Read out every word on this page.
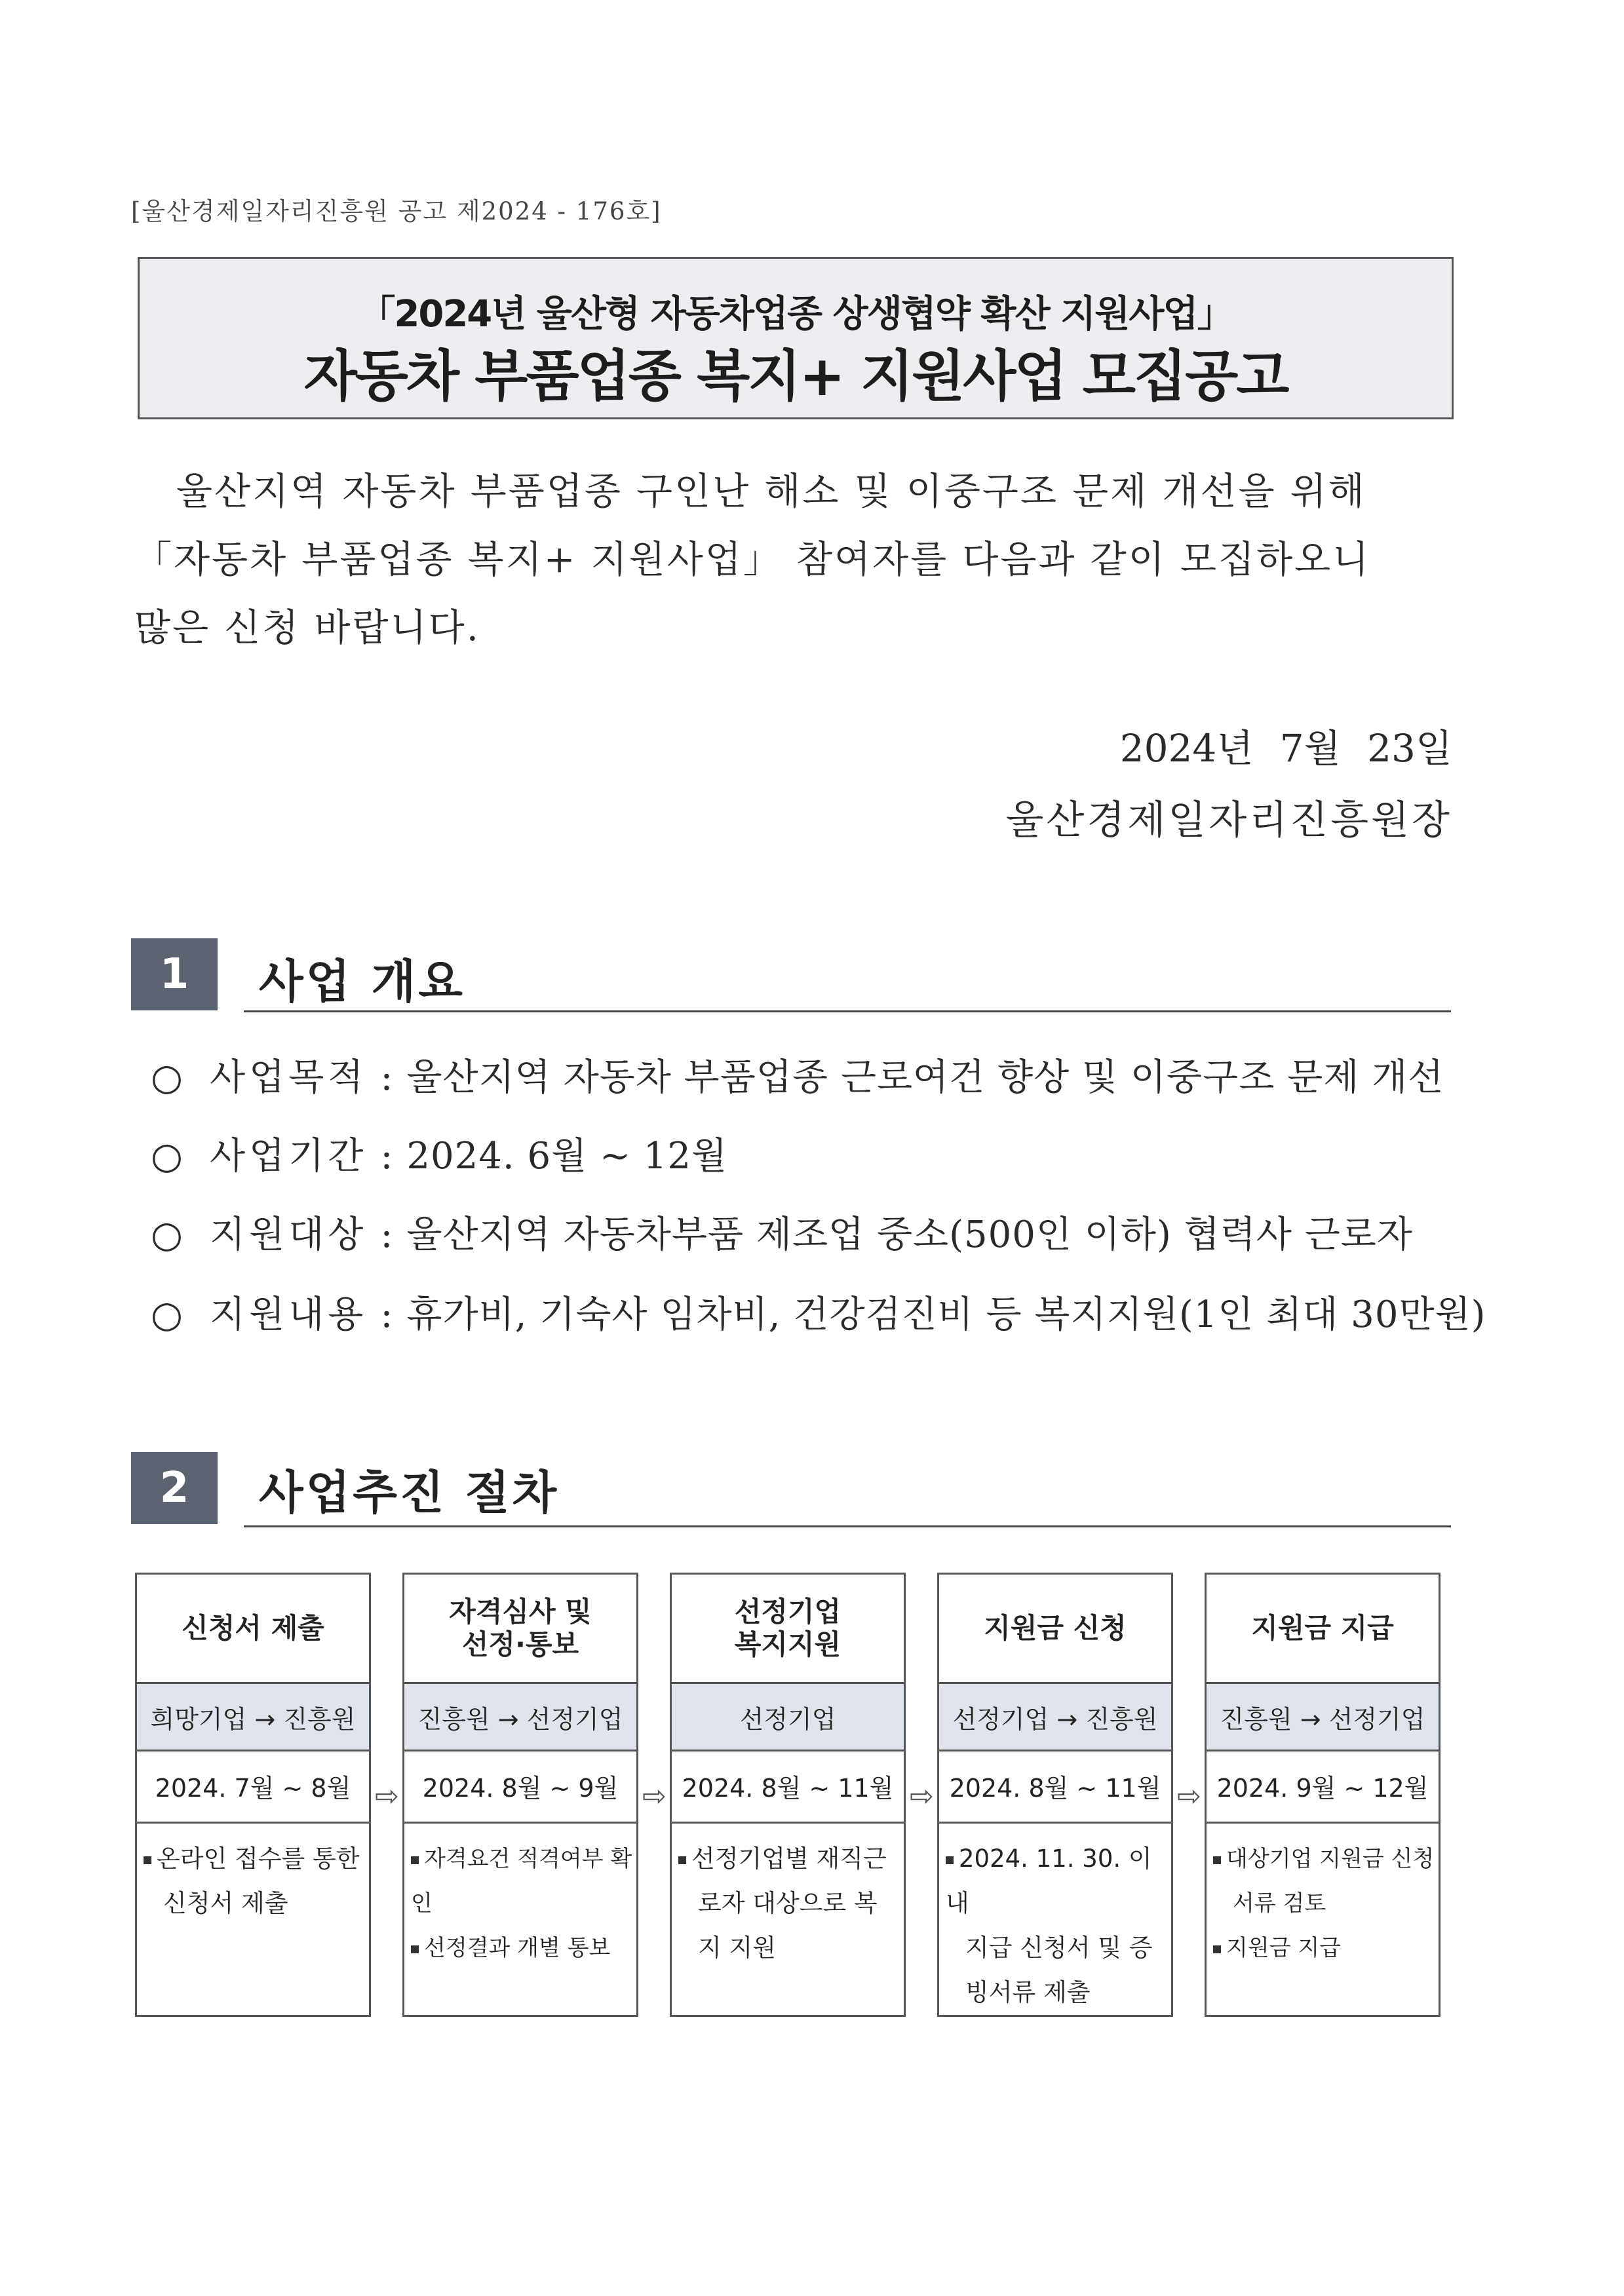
[울산경제일자리진흥원 공고 제2024 - 176호]
「2024년 울산형 자동차업종 상생협약 확산 지원사업」
자동차 부품업종 복지+ 지원사업 모집공고

울산지역 자동차 부품업종 구인난 해소 및 이중구조 문제 개선을 위해
「자동차 부품업종 복지+ 지원사업」 참여자를 다음과 같이 모집하오니
많은 신청 바랍니다.

2024년 7월 23일
울산경제일자리진흥원장
1	사업 개요
○ 사업목적 : 울산지역 자동차 부품업종 근로여건 향상 및 이중구조 문제 개선
○ 사업기간 : 2024. 6월 ~ 12월
○ 지원대상 : 울산지역 자동차부품 제조업 중소(500인 이하) 협력사 근로자
○ 지원내용 : 휴가비, 기숙사 임차비, 건강검진비 등 복지지원(1인 최대 30만원)
2	사업추진 절차
신청서 제출
희망기업 → 진흥원
2024. 7월 ~ 8월
온라인 접수를 통한
신청서 제출
⇨
자격심사 및
선정·통보
진흥원 → 선정기업
2024. 8월 ~ 9월
자격요건 적격여부 확인
선정결과 개별 통보
⇨
선정기업
복지지원
선정기업
2024. 8월 ~ 11월
선정기업별 재직근
로자 대상으로 복
지 지원
⇨
지원금 신청
선정기업 → 진흥원
2024. 8월 ~ 11월
2024. 11. 30. 이내
지급 신청서 및 증
빙서류 제출
⇨
지원금 지급
진흥원 → 선정기업
2024. 9월 ~ 12월
대상기업 지원금 신청
서류 검토
지원금 지급
